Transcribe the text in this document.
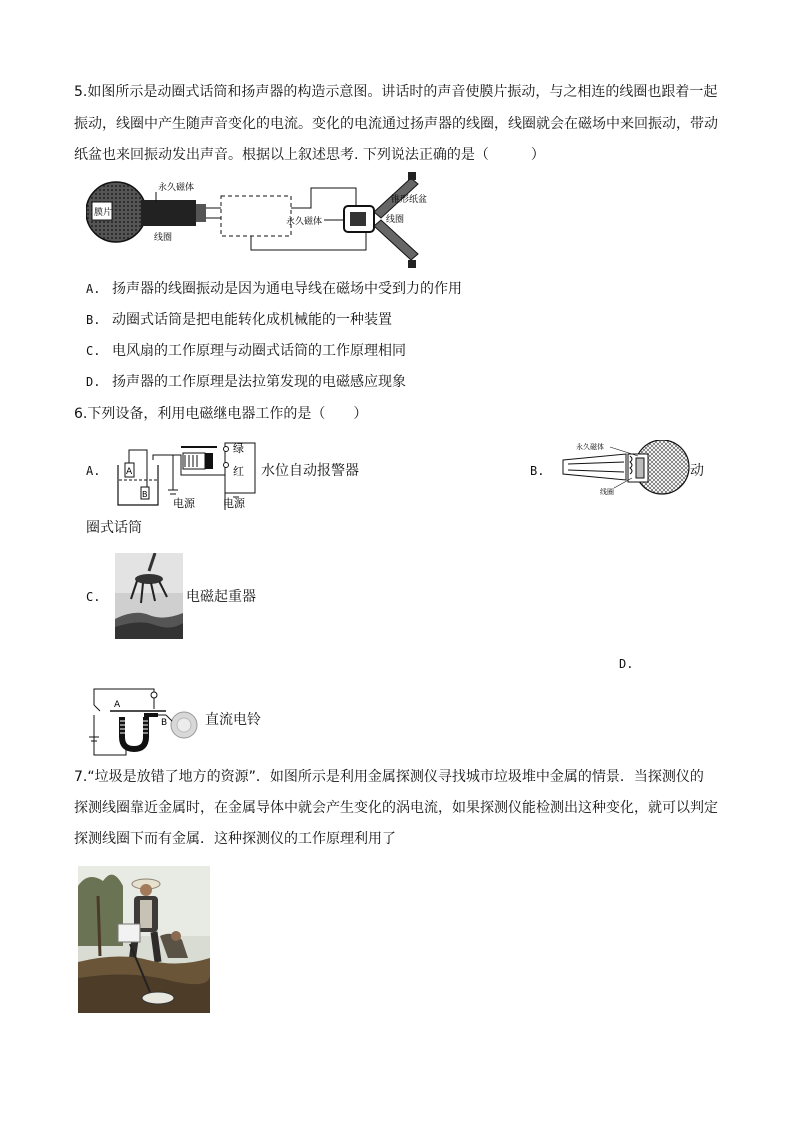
5.如图所示是动圈式话筒和扬声器的构造示意图。讲话时的声音使膜片振动，与之相连的线圈也跟着一起
振动，线圈中产生随声音变化的电流。变化的电流通过扬声器的线圈，线圈就会在磁场中来回振动，带动
纸盆也来回振动发出声音。根据以上叙述思考. 下列说法正确的是（　　　）
膜片
永久磁体
线圈
永久磁体
锥形纸盆
线圈
A. 扬声器的线圈振动是因为通电导线在磁场中受到力的作用
B. 动圈式话筒是把电能转化成机械能的一种装置
C. 电风扇的工作原理与动圈式话筒的工作原理相同
D. 扬声器的工作原理是法拉第发现的电磁感应现象
6.下列设备，利用电磁继电器工作的是（　　）
A.	A
B
电源
绿
红
电源
水位自动报警器	B.
永久磁体
线圈
动
圈式话筒
C.	电磁起重器
D.
A
B	直流电铃
7.“垃圾是放错了地方的资源”．如图所示是利用金属探测仪寻找城市垃圾堆中金属的情景．当探测仪的
探测线圈靠近金属时，在金属导体中就会产生变化的涡电流，如果探测仪能检测出这种变化，就可以判定
探测线圈下而有金属．这种探测仪的工作原理利用了
